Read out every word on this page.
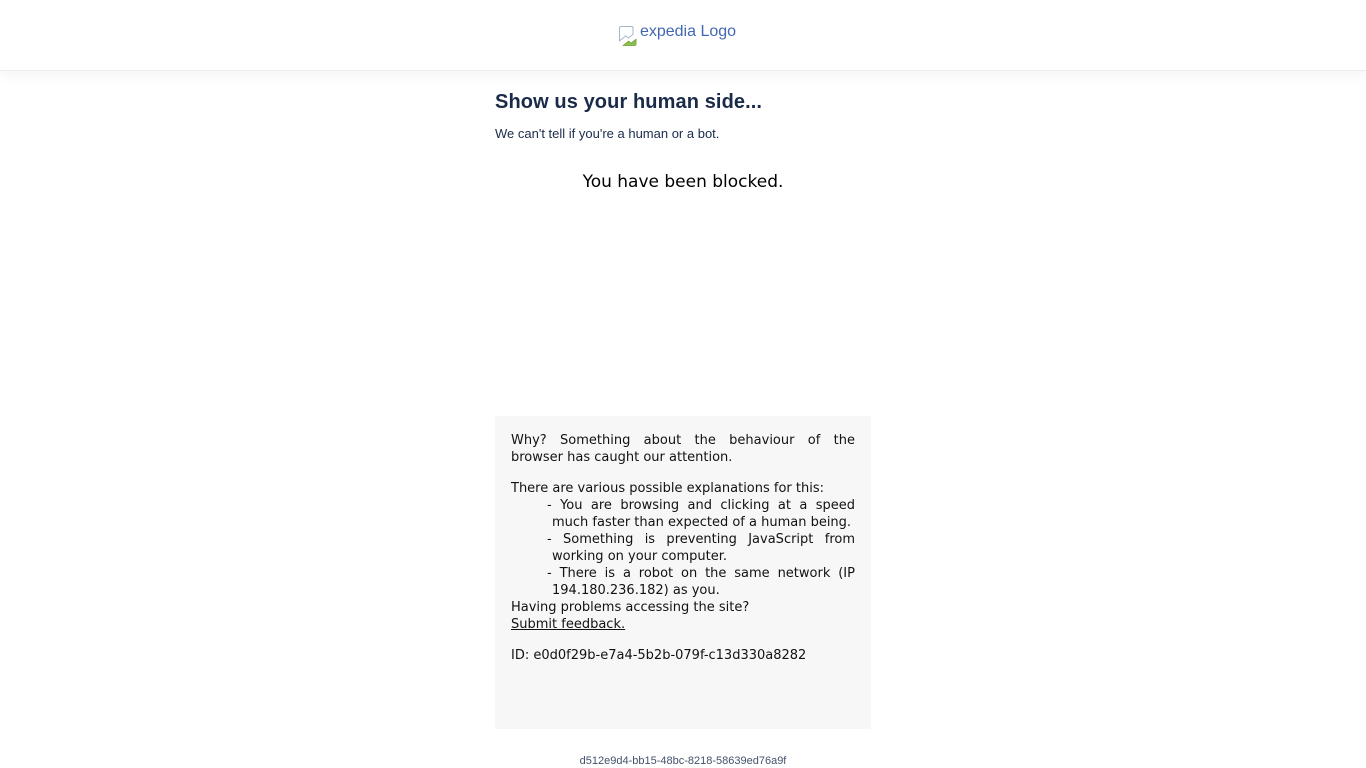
expedia Logo
Show us your human side...

We can't tell if you're a human or a bot.

You have been blocked.

Why? Something about the behaviour of the browser has caught our attention.

There are various possible explanations for this:

- You are browsing and clicking at a speed much faster than expected of a human being.
- Something is preventing JavaScript from working on your computer.
- There is a robot on the same network (IP 194.180.236.182) as you.

Having problems accessing the site?

Submit feedback.

ID: e0d0f29b-e7a4-5b2b-079f-c13d330a8282

d512e9d4-bb15-48bc-8218-58639ed76a9f
